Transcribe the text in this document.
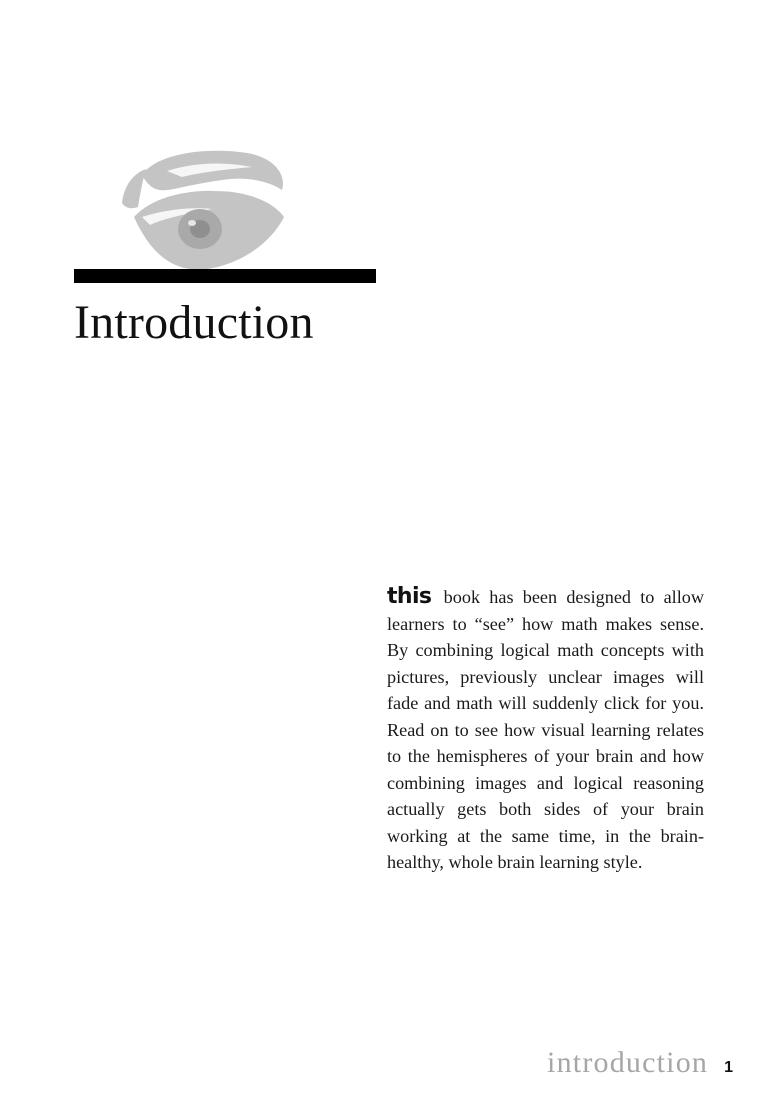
Introduction

this book has been designed to allow learners to “see” how math makes sense. By combining logical math concepts with pictures, previously unclear images will fade and math will suddenly click for you. Read on to see how visual learning relates to the hemispheres of your brain and how combining images and logical reasoning actually gets both sides of your brain working at the same time, in the brain-healthy, whole brain learning style.

introduction 1
